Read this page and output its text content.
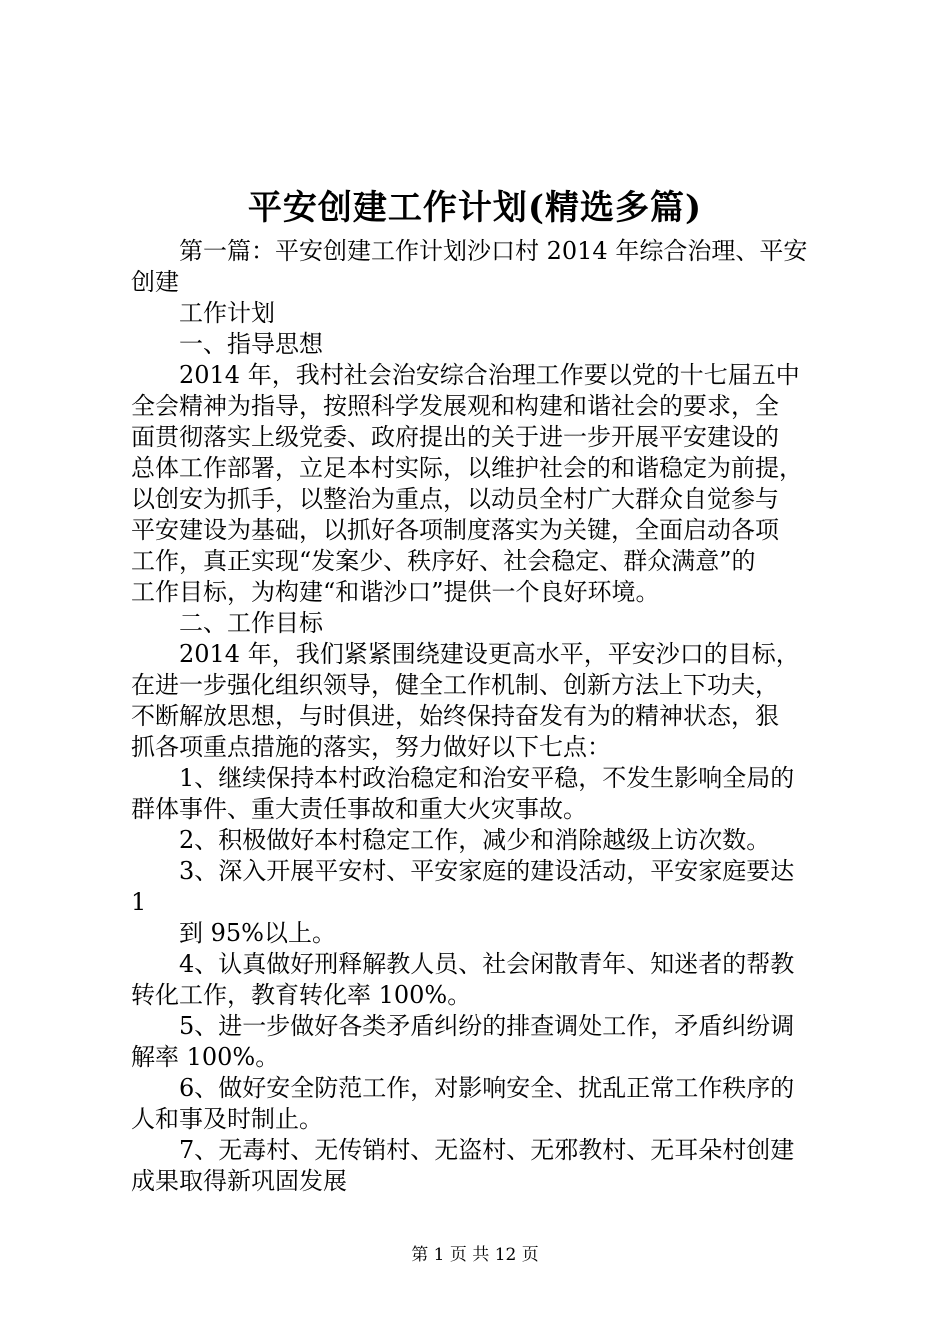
平安创建工作计划(精选多篇)

第一篇：平安创建工作计划沙口村 2014 年综合治理、平安

创建

工作计划

一、指导思想

2014 年，我村社会治安综合治理工作要以党的十七届五中

全会精神为指导，按照科学发展观和构建和谐社会的要求，全

面贯彻落实上级党委、政府提出的关于进一步开展平安建设的

总体工作部署，立足本村实际，以维护社会的和谐稳定为前提，

以创安为抓手，以整治为重点，以动员全村广大群众自觉参与

平安建设为基础，以抓好各项制度落实为关键，全面启动各项

工作，真正实现“发案少、秩序好、社会稳定、群众满意”的

工作目标，为构建“和谐沙口”提供一个良好环境。

二、工作目标

2014 年，我们紧紧围绕建设更高水平，平安沙口的目标，

在进一步强化组织领导，健全工作机制、创新方法上下功夫，

不断解放思想，与时俱进，始终保持奋发有为的精神状态，狠

抓各项重点措施的落实，努力做好以下七点：

1、继续保持本村政治稳定和治安平稳，不发生影响全局的

群体事件、重大责任事故和重大火灾事故。

2、积极做好本村稳定工作，减少和消除越级上访次数。

3、深入开展平安村、平安家庭的建设活动，平安家庭要达

1

到 95%以上。

4、认真做好刑释解教人员、社会闲散青年、知迷者的帮教

转化工作，教育转化率 100%。

5、进一步做好各类矛盾纠纷的排查调处工作，矛盾纠纷调

解率 100%。

6、做好安全防范工作，对影响安全、扰乱正常工作秩序的

人和事及时制止。

7、无毒村、无传销村、无盗村、无邪教村、无耳朵村创建

成果取得新巩固发展

第 1 页 共 12 页
